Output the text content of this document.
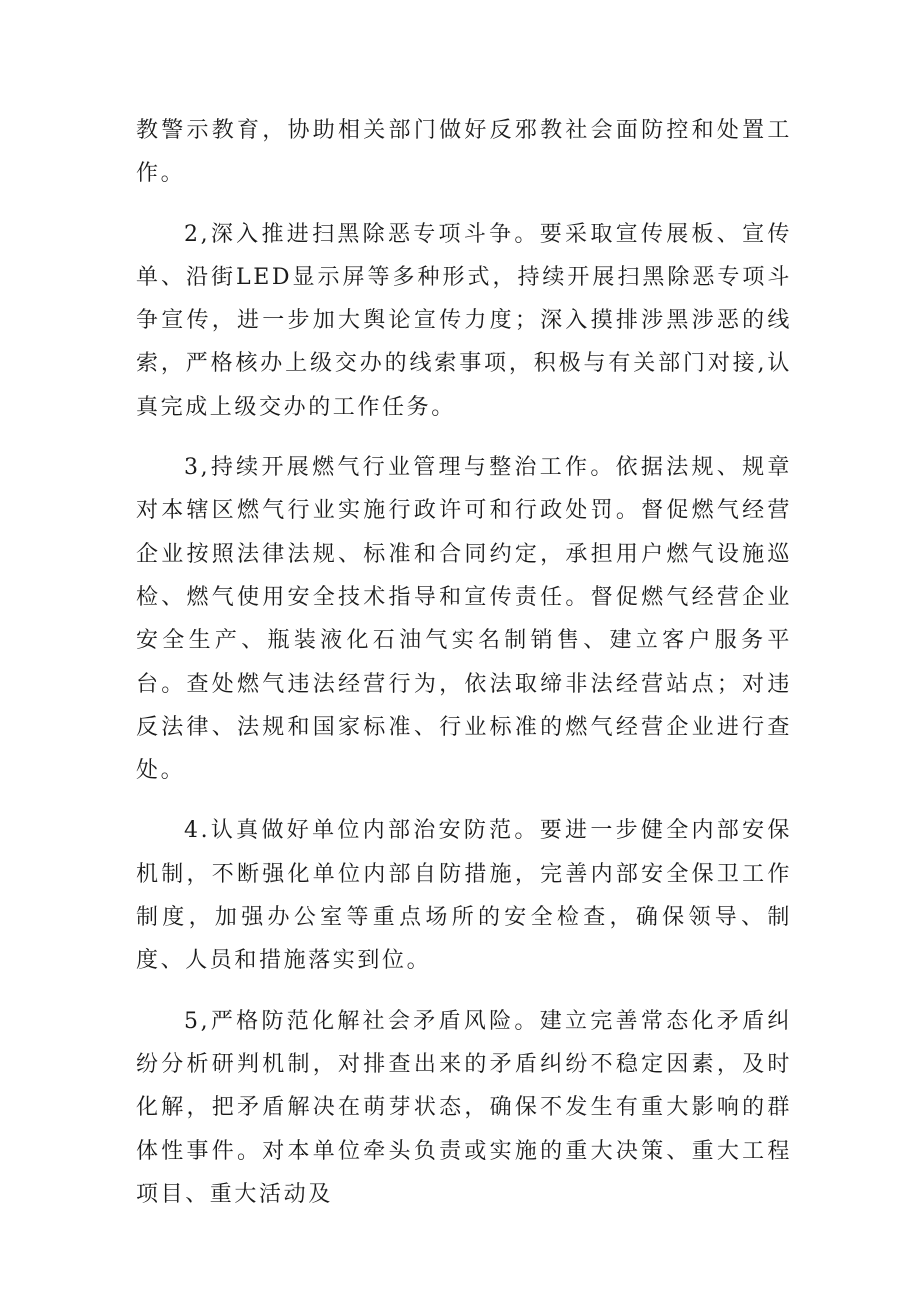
教警示教育，协助相关部门做好反邪教社会面防控和处置工作。

2,深入推进扫黑除恶专项斗争。要采取宣传展板、宣传单、沿街LED显示屏等多种形式，持续开展扫黑除恶专项斗争宣传，进一步加大舆论宣传力度；深入摸排涉黑涉恶的线索，严格核办上级交办的线索事项，积极与有关部门对接,认真完成上级交办的工作任务。

3,持续开展燃气行业管理与整治工作。依据法规、规章对本辖区燃气行业实施行政许可和行政处罚。督促燃气经营企业按照法律法规、标准和合同约定，承担用户燃气设施巡检、燃气使用安全技术指导和宣传责任。督促燃气经营企业安全生产、瓶装液化石油气实名制销售、建立客户服务平台。查处燃气违法经营行为，依法取缔非法经营站点；对违反法律、法规和国家标准、行业标准的燃气经营企业进行查处。

4.认真做好单位内部治安防范。要进一步健全内部安保机制，不断强化单位内部自防措施，完善内部安全保卫工作制度，加强办公室等重点场所的安全检查，确保领导、制度、人员和措施落实到位。

5,严格防范化解社会矛盾风险。建立完善常态化矛盾纠纷分析研判机制，对排查出来的矛盾纠纷不稳定因素，及时化解，把矛盾解决在萌芽状态，确保不发生有重大影响的群体性事件。对本单位牵头负责或实施的重大决策、重大工程项目、重大活动及
